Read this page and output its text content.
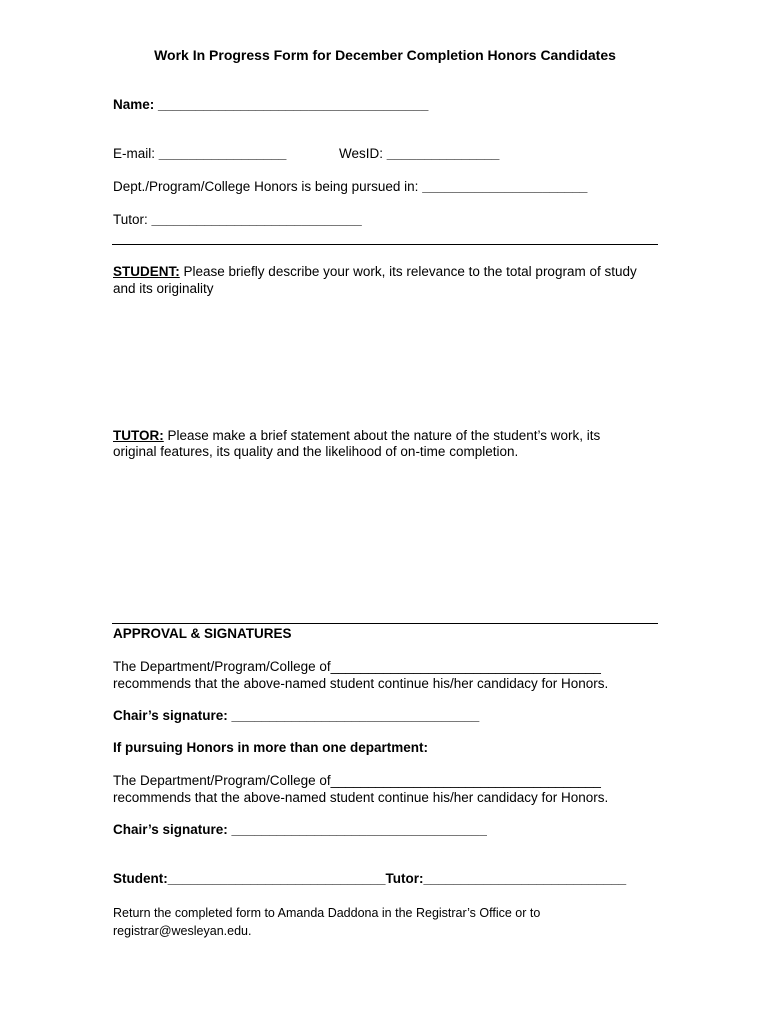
Work In Progress Form for December Completion Honors Candidates
Name: ____________________________________
E-mail: _________________	WesID: _______________
Dept./Program/College Honors is being pursued in: ______________________
Tutor: ____________________________
STUDENT: Please briefly describe your work, its relevance to the total program of study
and its originality
TUTOR: Please make a brief statement about the nature of the student’s work, its
original features, its quality and the likelihood of on-time completion.
APPROVAL & SIGNATURES
The Department/Program/College of____________________________________
recommends that the above-named student continue his/her candidacy for Honors.
Chair’s signature: _________________________________
If pursuing Honors in more than one department:
The Department/Program/College of____________________________________
recommends that the above-named student continue his/her candidacy for Honors.
Chair’s signature: __________________________________
Student:_____________________________Tutor:___________________________
Return the completed form to Amanda Daddona in the Registrar’s Office or to
registrar@wesleyan.edu.
